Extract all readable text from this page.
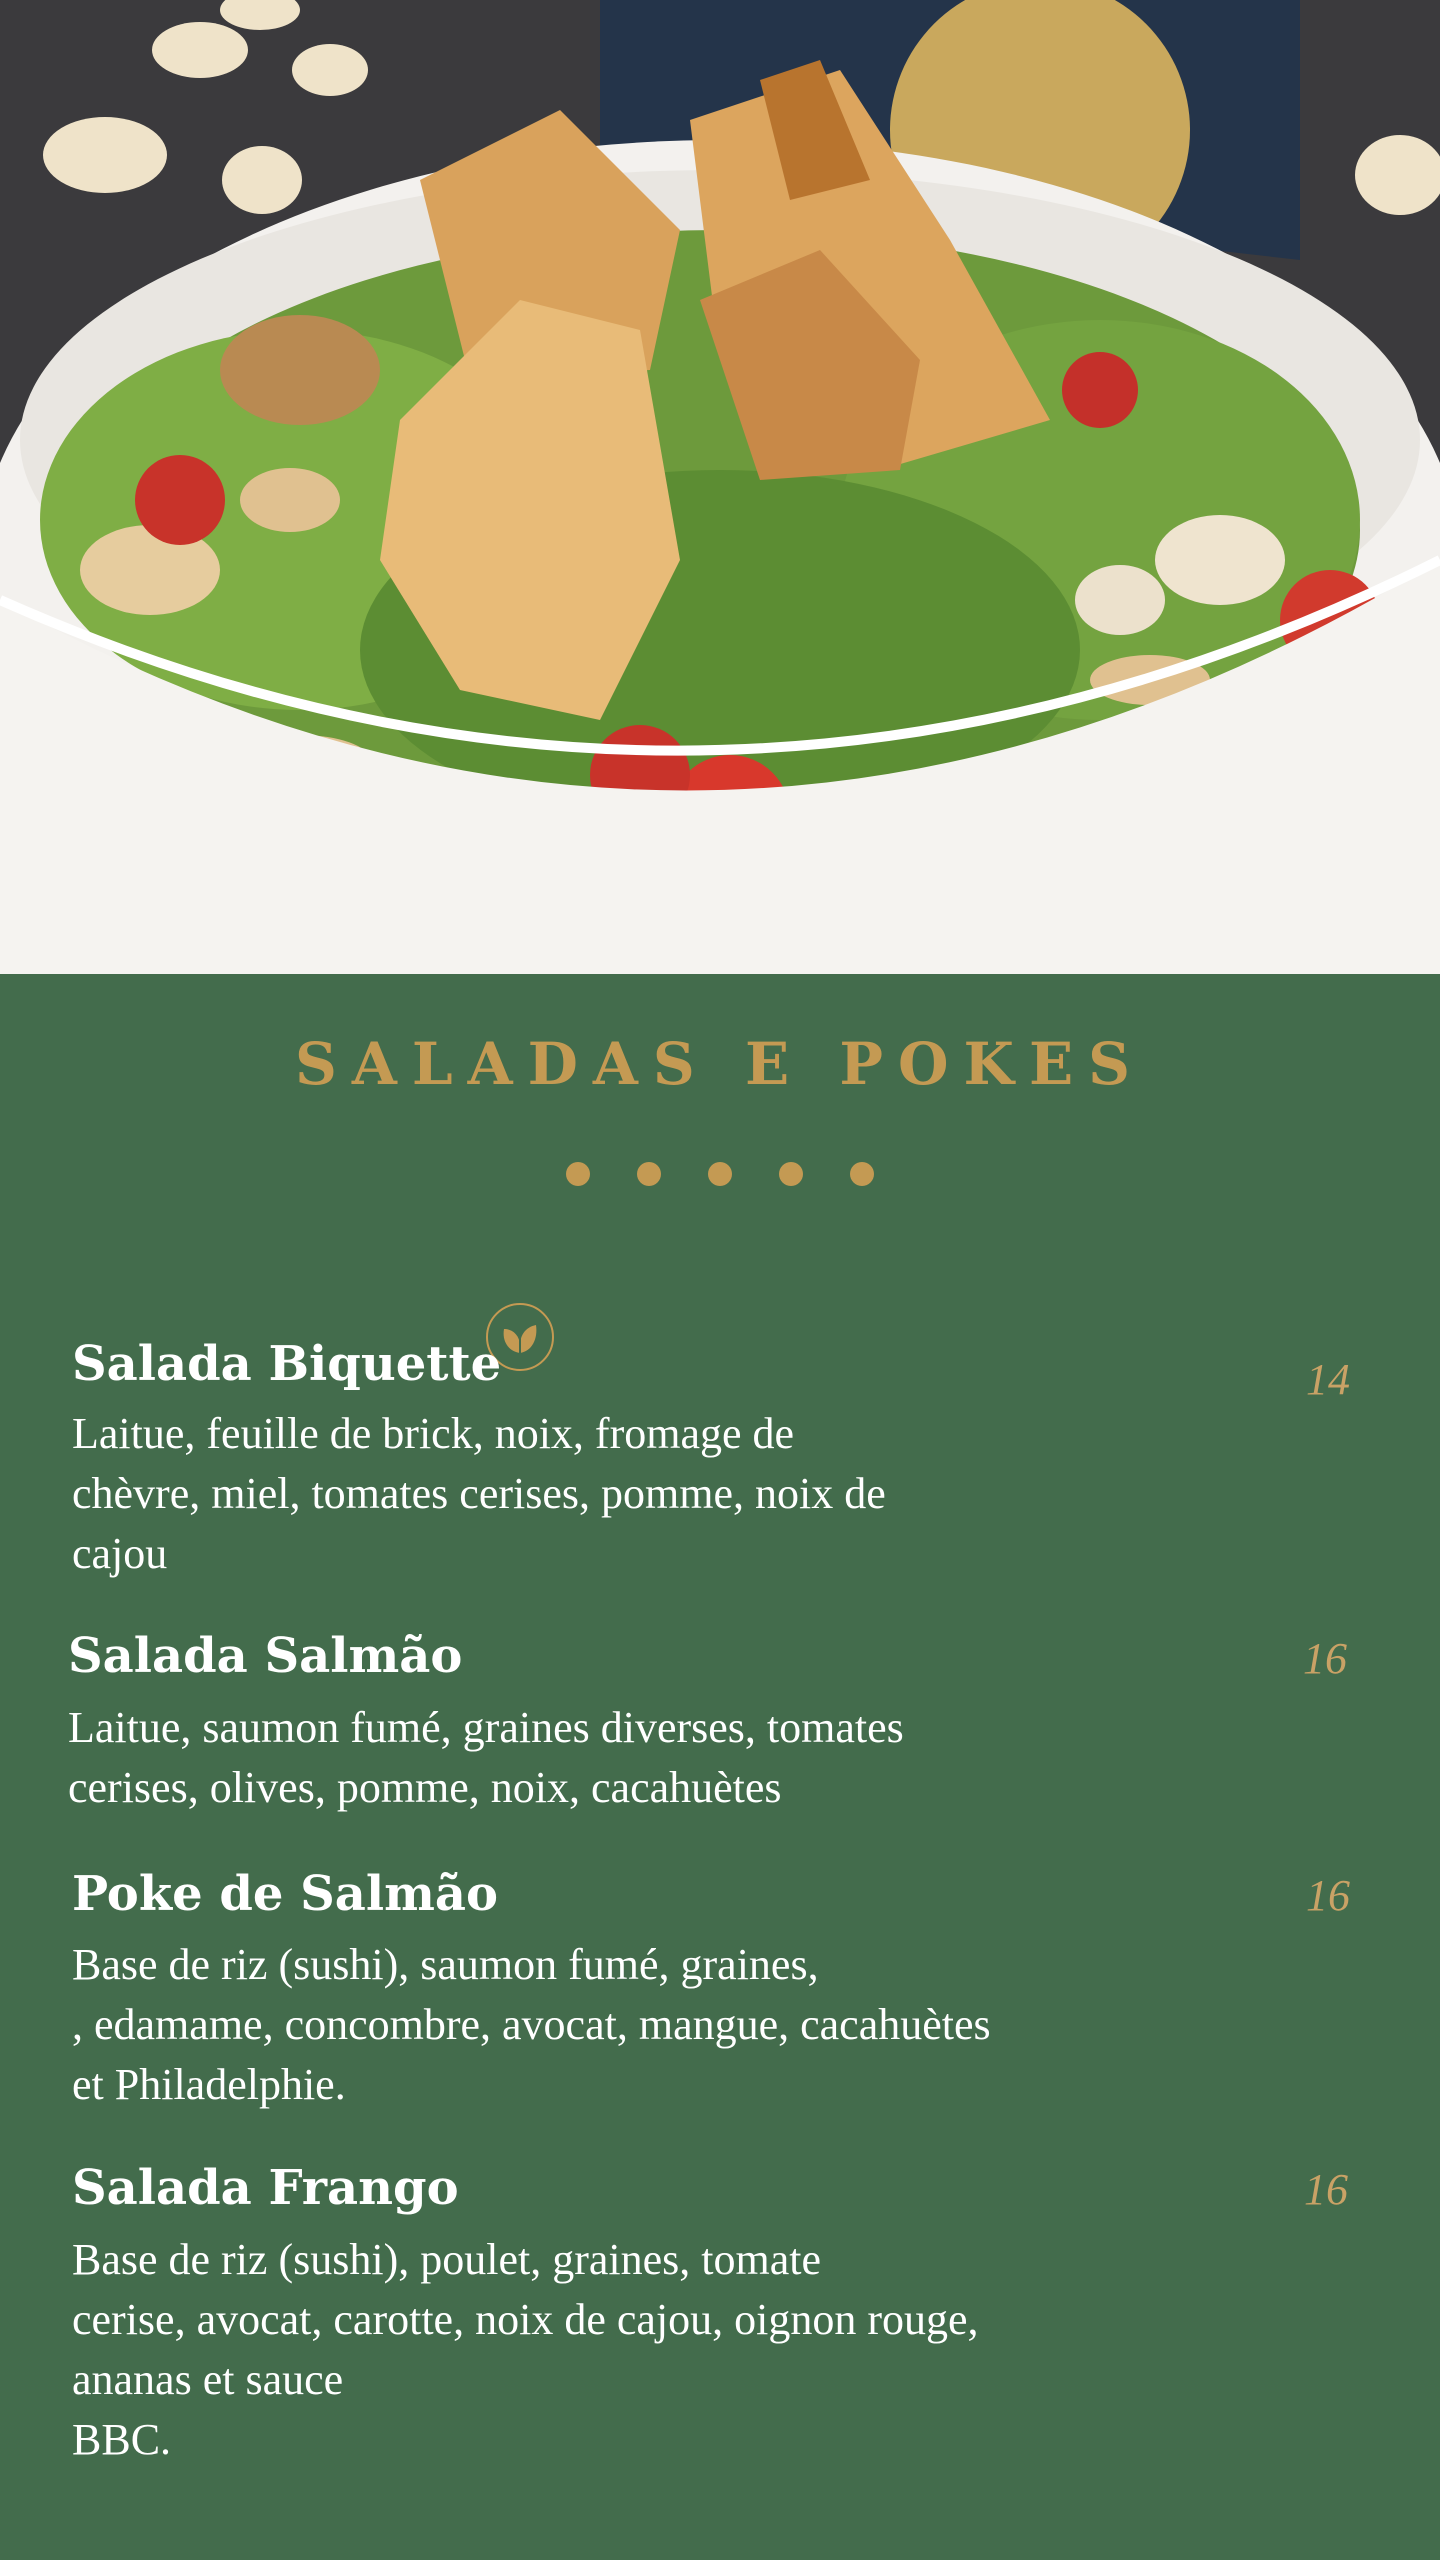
SALADAS E POKES
Salada Biquette	14
Laitue, feuille de brick, noix, fromage de
chèvre, miel, tomates cerises, pomme, noix de
cajou
Salada Salmão	16
Laitue, saumon fumé, graines diverses, tomates
cerises, olives, pomme, noix, cacahuètes
Poke de Salmão	16
Base de riz (sushi), saumon fumé, graines,
, edamame, concombre, avocat, mangue, cacahuètes
et Philadelphie.
Salada Frango	16
Base de riz (sushi), poulet, graines, tomate
cerise, avocat, carotte, noix de cajou, oignon rouge,
ananas et sauce
BBC.
